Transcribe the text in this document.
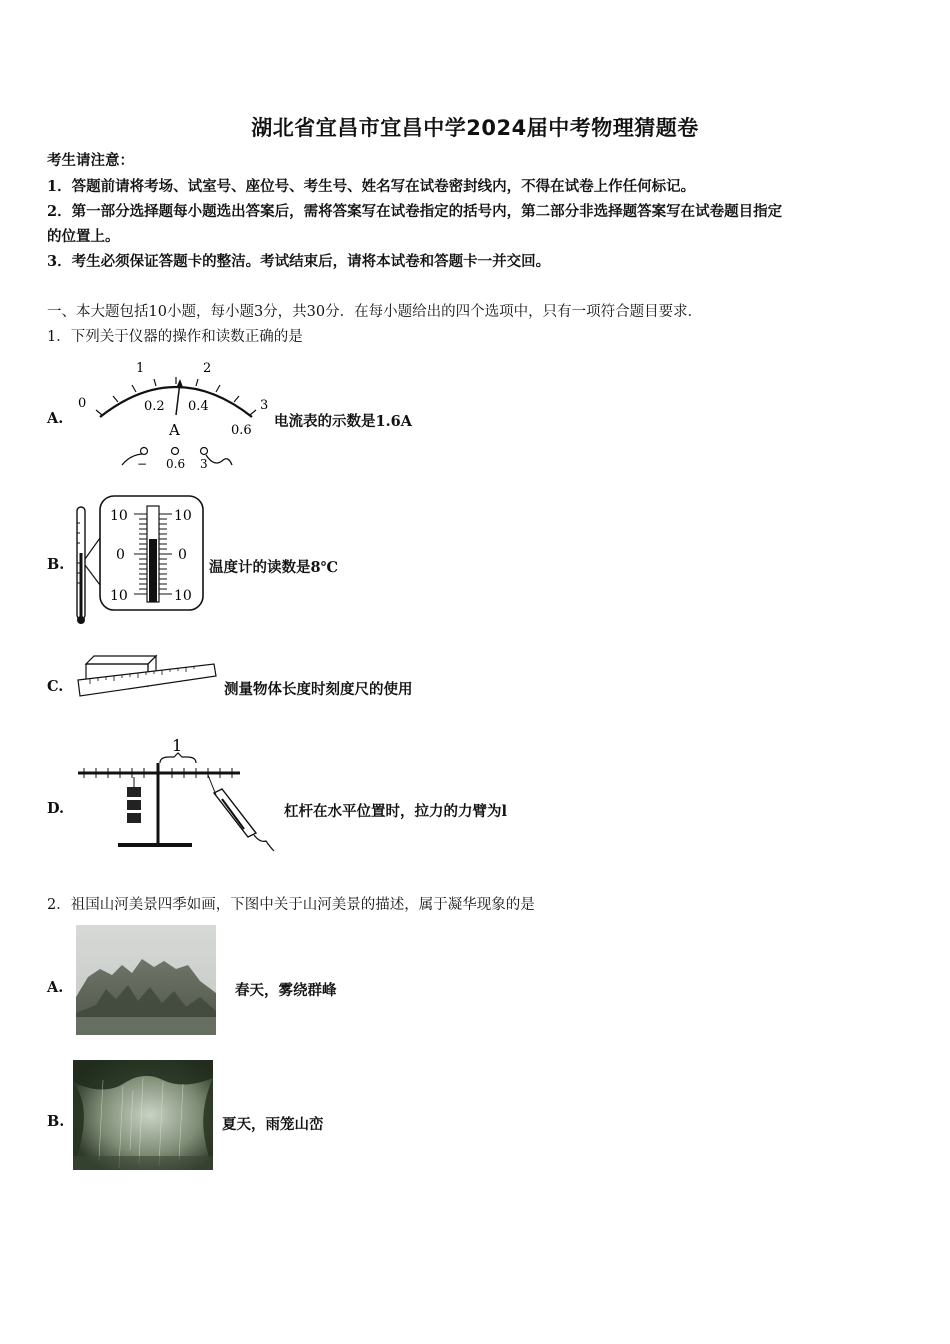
湖北省宜昌市宜昌中学2024届中考物理猜题卷
考生请注意：
1．答题前请将考场、试室号、座位号、考生号、姓名写在试卷密封线内，不得在试卷上作任何标记。
2．第一部分选择题每小题选出答案后，需将答案写在试卷指定的括号内，第二部分非选择题答案写在试卷题目指定
的位置上。
3．考生必须保证答题卡的整洁。考试结束后，请将本试卷和答题卡一并交回。
一、本大题包括10小题，每小题3分，共30分．在每小题给出的四个选项中，只有一项符合题目要求．
1．下列关于仪器的操作和读数正确的是
A.
0
1	2
3
0.2 0.4
0.6
A
− 0.6 3
电流表的示数是1.6A
B.
10	10
0	0
10	10
温度计的读数是8℃
C.	测量物体长度时刻度尺的使用
D.
1
杠杆在水平位置时，拉力的力臂为l
2．祖国山河美景四季如画，下图中关于山河美景的描述，属于凝华现象的是
A.	春天，雾绕群峰
B.	夏天，雨笼山峦
